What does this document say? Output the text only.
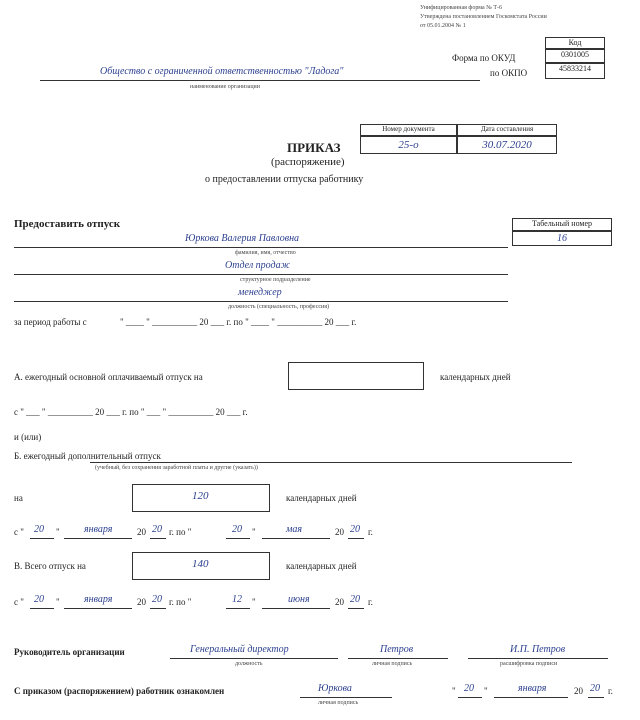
Унифицированная форма № Т-6
Утверждена постановлением Госкомстата России
от 05.01.2004 № 1
Код
Форма по ОКУД	0301005
по ОКПО	45833214
Общество с ограниченной ответственностью "Ладога"
наименование организации
Номер документа	Дата составления
25-о	30.07.2020
ПРИКАЗ
(распоряжение)
о предоставлении отпуска работнику
Предоставить отпуск	Табельный номер
16
Юркова Валерия Павловна
фамилия, имя, отчество
Отдел продаж
структурное подразделение
менеджер
должность (специальность, профессия)
за период работы с	" ____ " __________ 20 ___ г. по " ____ " __________ 20 ___ г.
А. ежегодный основной оплачиваемый отпуск на	календарных дней
с " ___ " __________ 20 ___ г. по " ___ " __________ 20 ___ г.
и (или)
Б. ежегодный дополнительный отпуск
(учебный, без сохранения заработной платы и другие (указать))
на	120	календарных дней
с " 20 " января	20 20 г. по "	20 "	мая	20 20 г.
В. Всего отпуск на	140	календарных дней
с " 20 " января	20 20 г. по "	12 "	июня	20 20 г.
Руководитель организации	Генеральный директор
должность
Петров
личная подпись
И.П. Петров
расшифровка подписи
С приказом (распоряжением) работник ознакомлен	Юркова
личная подпись
" 20 "	января	20 20 г.
